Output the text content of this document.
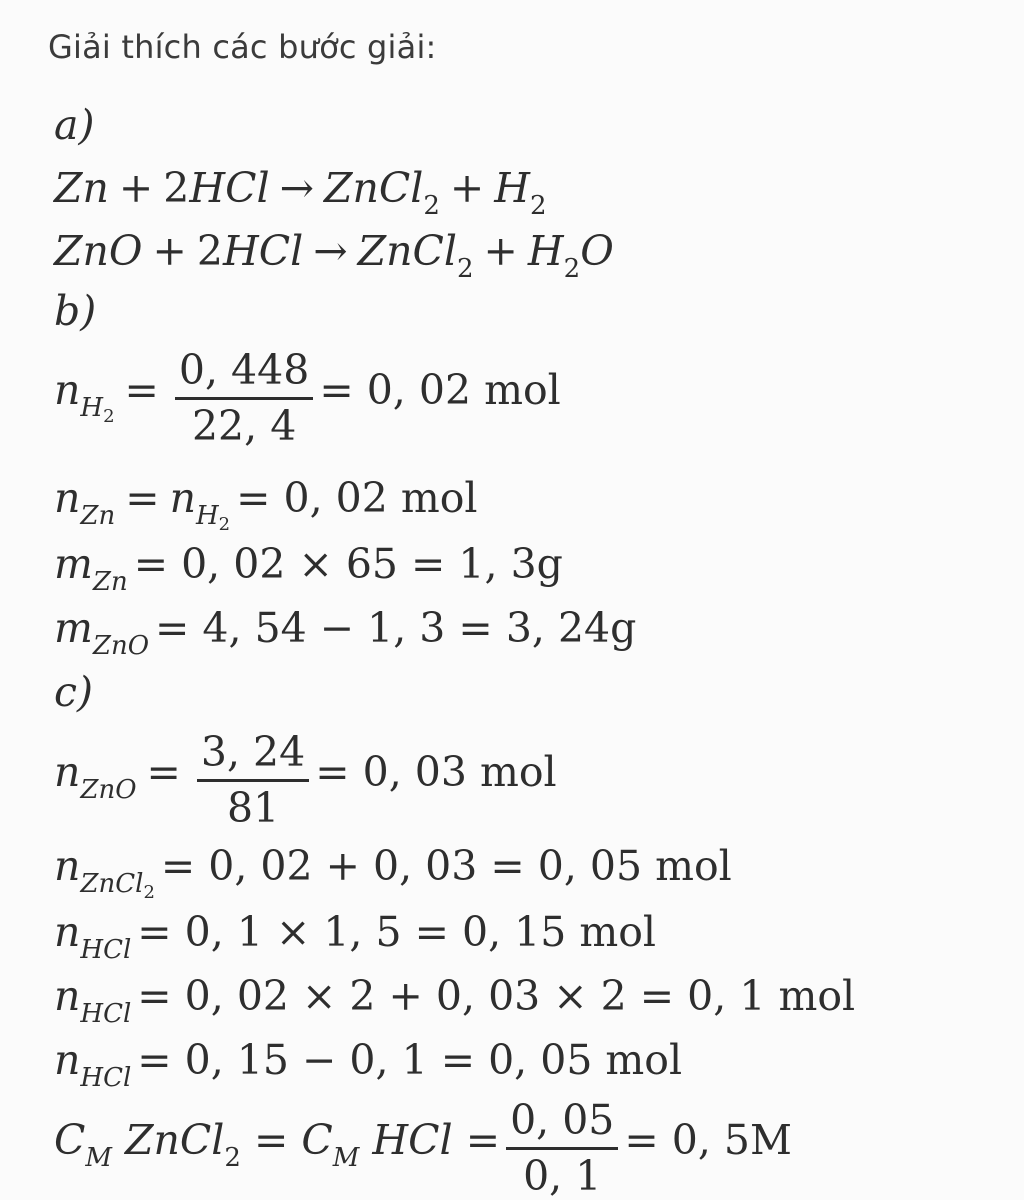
Giải thích các bước giải:
a)
Zn + 2HCl → ZnCl$_2$ + $H_2$
ZnO + 2HCl → ZnCl$_2$ + $H_2O$
b)
$n_{H_2}= \frac{0, 448}{22, 4} = 0$, 02 mol
$n_{Zn} = n_{H_2}= 0$, 02 mol
$m_{Zn} = 0$, 02 × 65 = 1, 3g
$m_{ZnO} = 4$, 54 − 1, 3 = 3, 24g
c)
$n_{ZnO} = \frac{3, 24}{81} = 0$, 03 mol
$n_{ZnCl_2}= 0$, 02 + 0, 03 = 0, 05 mol
$n_{HCl} = 0$, 1 × 1, 5 = 0, 15 mol
$n_{HCl} = 0$, 02 × 2 + 0, 03 × 2 = 0, 1 mol
$n_{HCl} = 0$, 15 − 0, 1 = 0, 05 mol
$C_M$ ZnCl$_2$ = $C_M$ HCl = $\frac{0, 05}{0, 1} = 0$, 5M
